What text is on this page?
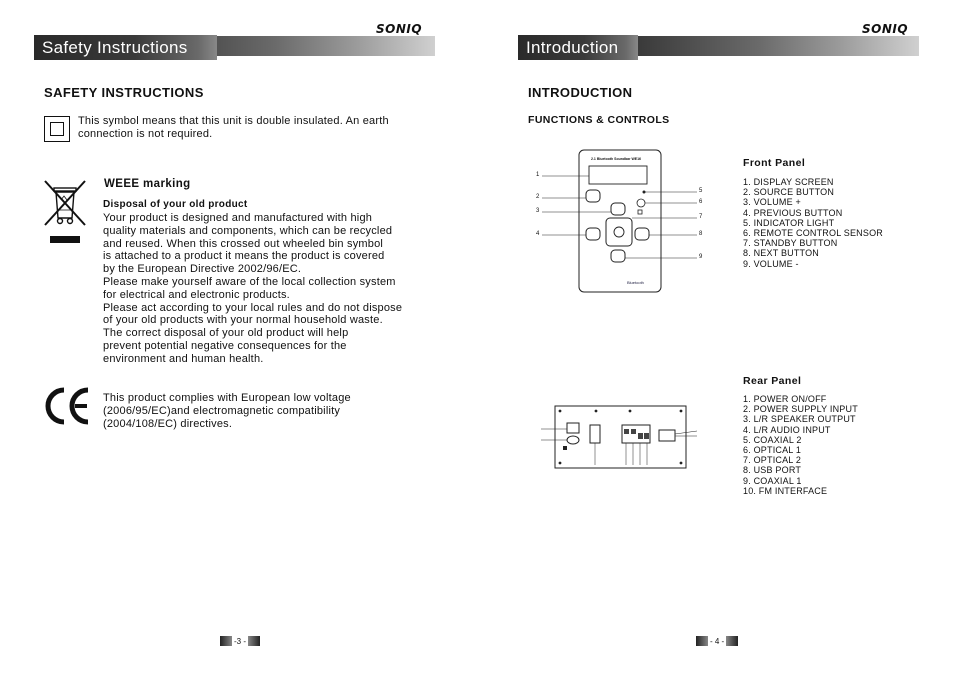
SONIQ
Safety Instructions
SAFETY INSTRUCTIONS
This symbol means that this unit is double insulated. An earth
connection is not required.
WEEE marking
Disposal of your old product
Your product is designed and manufactured with high
quality materials and components, which can be recycled
and reused. When this crossed out wheeled bin symbol
is attached to a product it means the product is covered
by the European Directive 2002/96/EC.
Please make yourself aware of the local collection system
for electrical and electronic products.
Please act according to your local rules and do not dispose
of your old products with your normal household waste.
The correct disposal of your old product will help
prevent potential negative consequences for the
environment and human health.
This product complies with European low voltage
(2006/95/EC)and electromagnetic compatibility
(2004/108/EC) directives.
-3 -
SONIQ
Introduction
INTRODUCTION
FUNCTIONS & CONTROLS
2.1 Bluetooth Soundbar WE16
Bluetooth
1
2
3
4
5
6
7
8
9
Front Panel
1. DISPLAY SCREEN
2. SOURCE BUTTON
3. VOLUME +
4. PREVIOUS BUTTON
5. INDICATOR LIGHT
6. REMOTE CONTROL SENSOR
7. STANDBY BUTTON
8. NEXT BUTTON
9. VOLUME -
Rear Panel
1. POWER ON/OFF
2. POWER SUPPLY INPUT
3. L/R SPEAKER OUTPUT
4. L/R AUDIO INPUT
5. COAXIAL 2
6. OPTICAL 1
7. OPTICAL 2
8. USB PORT
9. COAXIAL 1
10. FM INTERFACE
- 4 -
